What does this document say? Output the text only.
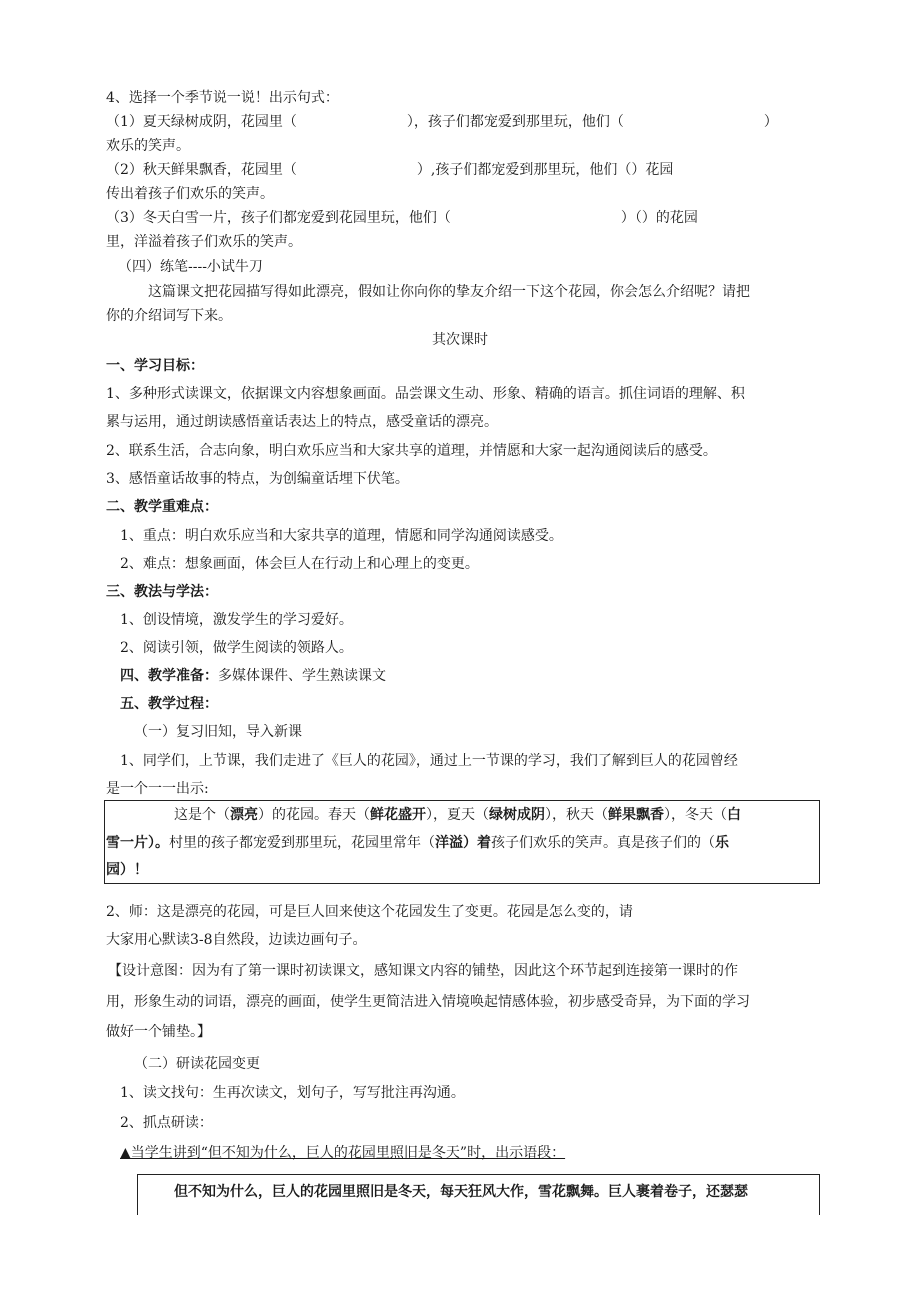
4、选择一个季节说一说！出示句式：
（1）夏天绿树成阴，花园里（	），孩子们都宠爱到那里玩，他们（	）
欢乐的笑声。
（2）秋天鲜果飘香，花园里（	）,孩子们都宠爱到那里玩，他们（）花园
传出着孩子们欢乐的笑声。
（3）冬天白雪一片，孩子们都宠爱到花园里玩，他们（	）（）的花园
里，洋溢着孩子们欢乐的笑声。
（四）练笔----小试牛刀
这篇课文把花园描写得如此漂亮，假如让你向你的挚友介绍一下这个花园，你会怎么介绍呢？请把
你的介绍词写下来。
其次课时
一、学习目标：
1、多种形式读课文，依据课文内容想象画面。品尝课文生动、形象、精确的语言。抓住词语的理解、积
累与运用，通过朗读感悟童话表达上的特点，感受童话的漂亮。
2、联系生活，合志向象，明白欢乐应当和大家共享的道理，并情愿和大家一起沟通阅读后的感受。
3、感悟童话故事的特点，为创编童话埋下伏笔。
二、教学重难点：
1、重点：明白欢乐应当和大家共享的道理，情愿和同学沟通阅读感受。
2、难点：想象画面，体会巨人在行动上和心理上的变更。
三、教法与学法：
1、创设情境，激发学生的学习爱好。
2、阅读引领，做学生阅读的领路人。
四、教学准备：多媒体课件、学生熟读课文
五、教学过程：
（一）复习旧知，导入新课
1、同学们，上节课，我们走进了《巨人的花园》，通过上一节课的学习，我们了解到巨人的花园曾经
是一个一一出示:
这是个（漂亮）的花园。春天（鲜花盛开），夏天（绿树成阴），秋天（鲜果飘香），冬天（白
雪一片）。村里的孩子都宠爱到那里玩，花园里常年（洋溢）着孩子们欢乐的笑声。真是孩子们的（乐
园）！
2、师：这是漂亮的花园，可是巨人回来使这个花园发生了变更。花园是怎么变的，请
大家用心默读3-8自然段，边读边画句子。
【设计意图：因为有了第一课时初读课文，感知课文内容的铺垫，因此这个环节起到连接第一课时的作
用，形象生动的词语，漂亮的画面，使学生更简洁进入情境唤起情感体验，初步感受奇异，为下面的学习
做好一个铺垫。】
（二）研读花园变更
1、读文找句：生再次读文，划句子，写写批注再沟通。
2、抓点研读：
▲当学生讲到“但不知为什么，巨人的花园里照旧是冬天”时，出示语段：
但不知为什么，巨人的花园里照旧是冬天，每天狂风大作，雪花飘舞。巨人裹着卷子，还瑟瑟
